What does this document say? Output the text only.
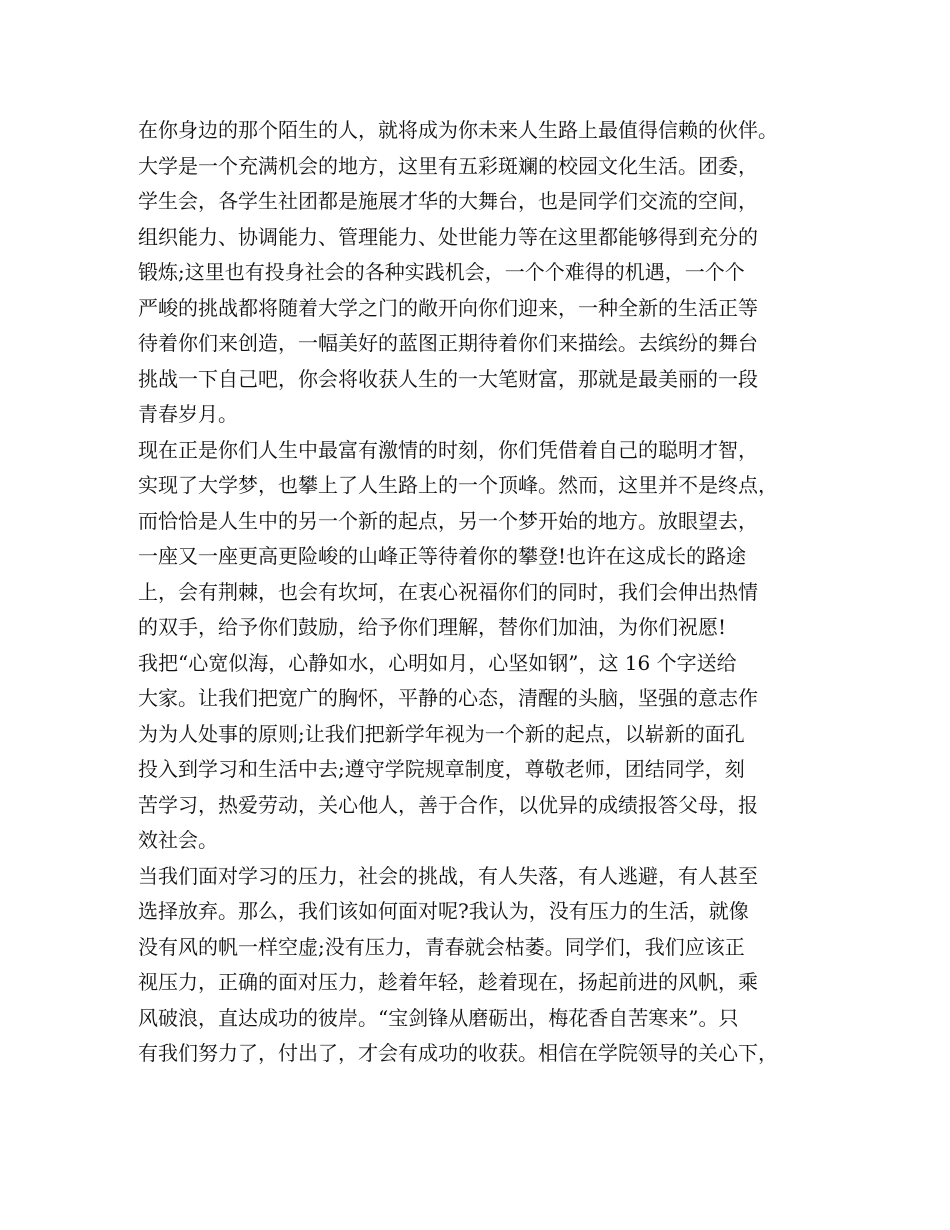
在你身边的那个陌生的人，就将成为你未来人生路上最值得信赖的伙伴。
大学是一个充满机会的地方，这里有五彩斑斓的校园文化生活。团委，
学生会，各学生社团都是施展才华的大舞台，也是同学们交流的空间，
组织能力、协调能力、管理能力、处世能力等在这里都能够得到充分的
锻炼;这里也有投身社会的各种实践机会，一个个难得的机遇，一个个
严峻的挑战都将随着大学之门的敞开向你们迎来，一种全新的生活正等
待着你们来创造，一幅美好的蓝图正期待着你们来描绘。去缤纷的舞台
挑战一下自己吧，你会将收获人生的一大笔财富，那就是最美丽的一段
青春岁月。
现在正是你们人生中最富有激情的时刻，你们凭借着自己的聪明才智，
实现了大学梦，也攀上了人生路上的一个顶峰。然而，这里并不是终点，
而恰恰是人生中的另一个新的起点，另一个梦开始的地方。放眼望去，
一座又一座更高更险峻的山峰正等待着你的攀登!也许在这成长的路途
上，会有荆棘，也会有坎坷，在衷心祝福你们的同时，我们会伸出热情
的双手，给予你们鼓励，给予你们理解，替你们加油，为你们祝愿!
我把“心宽似海，心静如水，心明如月，心坚如钢”，这 16 个字送给
大家。让我们把宽广的胸怀，平静的心态，清醒的头脑，坚强的意志作
为为人处事的原则;让我们把新学年视为一个新的起点，以崭新的面孔
投入到学习和生活中去;遵守学院规章制度，尊敬老师，团结同学，刻
苦学习，热爱劳动，关心他人，善于合作，以优异的成绩报答父母，报
效社会。
当我们面对学习的压力，社会的挑战，有人失落，有人逃避，有人甚至
选择放弃。那么，我们该如何面对呢?我认为，没有压力的生活，就像
没有风的帆一样空虚;没有压力，青春就会枯萎。同学们，我们应该正
视压力，正确的面对压力，趁着年轻，趁着现在，扬起前进的风帆，乘
风破浪，直达成功的彼岸。“宝剑锋从磨砺出，梅花香自苦寒来”。只
有我们努力了，付出了，才会有成功的收获。相信在学院领导的关心下，
